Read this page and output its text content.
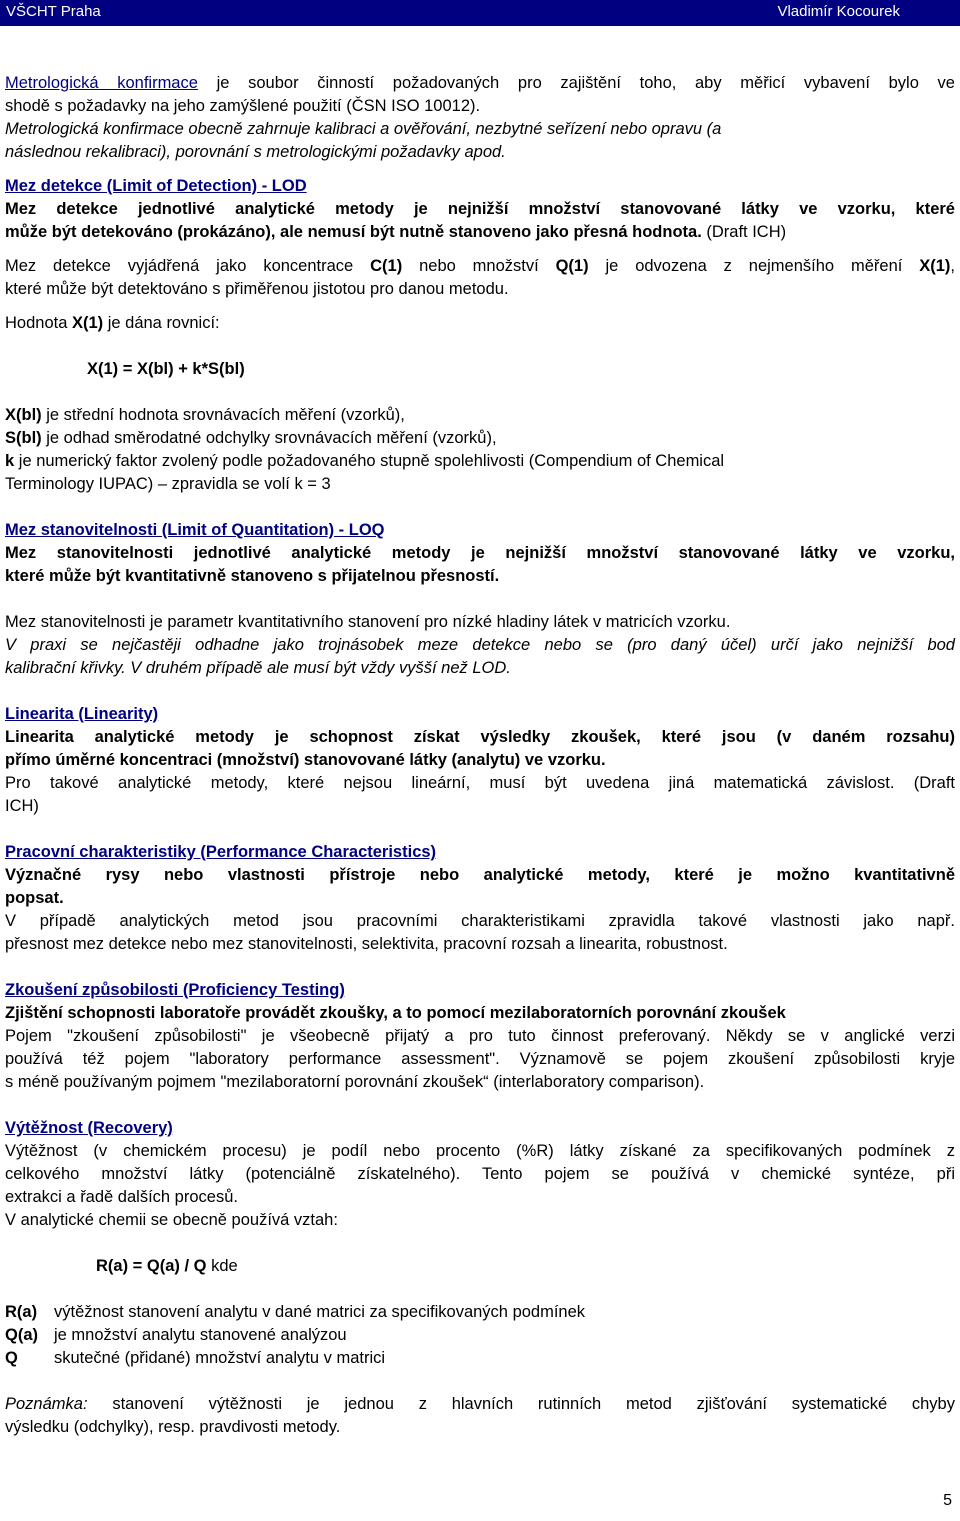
VŠCHT Praha	Vladimír Kocourek
Metrologická konfirmace je soubor činností požadovaných pro zajištění toho, aby měřicí vybavení bylo ve
shodě s požadavky na jeho zamýšlené použití (ČSN ISO 10012).
Metrologická konfirmace obecně zahrnuje kalibraci a ověřování, nezbytné seřízení nebo opravu (a
následnou rekalibraci), porovnání s metrologickými požadavky apod.
Mez detekce (Limit of Detection) - LOD
Mez detekce jednotlivé analytické metody je nejnižší množství stanovované látky ve vzorku, které
může být detekováno (prokázáno), ale nemusí být nutně stanoveno jako přesná hodnota. (Draft ICH)
Mez detekce vyjádřená jako koncentrace C(1) nebo množství Q(1) je odvozena z nejmenšího měření X(1),
které může být detektováno s přiměřenou jistotou pro danou metodu.
Hodnota X(1) je dána rovnicí:
X(1) = X(bl) + k*S(bl)
X(bl) je střední hodnota srovnávacích měření (vzorků),
S(bl) je odhad směrodatné odchylky srovnávacích měření (vzorků),
k je numerický faktor zvolený podle požadovaného stupně spolehlivosti (Compendium of Chemical
Terminology IUPAC) – zpravidla se volí k = 3
Mez stanovitelnosti (Limit of Quantitation) - LOQ
Mez stanovitelnosti jednotlivé analytické metody je nejnižší množství stanovované látky ve vzorku,
které může být kvantitativně stanoveno s přijatelnou přesností.
Mez stanovitelnosti je parametr kvantitativního stanovení pro nízké hladiny látek v matricích vzorku.
V praxi se nejčastěji odhadne jako trojnásobek meze detekce nebo se (pro daný účel) určí jako nejnižší bod
kalibrační křivky. V druhém případě ale musí být vždy vyšší než LOD.
Linearita (Linearity)
Linearita analytické metody je schopnost získat výsledky zkoušek, které jsou (v daném rozsahu)
přímo úměrné koncentraci (množství) stanovované látky (analytu) ve vzorku.
Pro takové analytické metody, které nejsou lineární, musí být uvedena jiná matematická závislost. (Draft
ICH)
Pracovní charakteristiky (Performance Characteristics)
Význačné rysy nebo vlastnosti přístroje nebo analytické metody, které je možno kvantitativně
popsat.
V případě analytických metod jsou pracovními charakteristikami zpravidla takové vlastnosti jako např.
přesnost mez detekce nebo mez stanovitelnosti, selektivita, pracovní rozsah a linearita, robustnost.
Zkoušení způsobilosti (Proficiency Testing)
Zjištění schopnosti laboratoře provádět zkoušky, a to pomocí mezilaboratorních porovnání zkoušek
Pojem "zkoušení způsobilosti" je všeobecně přijatý a pro tuto činnost preferovaný. Někdy se v anglické verzi
používá též pojem "laboratory performance assessment". Významově se pojem zkoušení způsobilosti kryje
s méně používaným pojmem "mezilaboratorní porovnání zkoušek“ (interlaboratory comparison).
Výtěžnost (Recovery)
Výtěžnost (v chemickém procesu) je podíl nebo procento (%R) látky získané za specifikovaných podmínek z
celkového množství látky (potenciálně získatelného). Tento pojem se používá v chemické syntéze, při
extrakci a řadě dalších procesů.
V analytické chemii se obecně používá vztah:
R(a) = Q(a) / Q kde
R(a) výtěžnost stanovení analytu v dané matrici za specifikovaných podmínek
Q(a) je množství analytu stanovené analýzou
Q skutečné (přidané) množství analytu v matrici
Poznámka: stanovení výtěžnosti je jednou z hlavních rutinních metod zjišťování systematické chyby
výsledku (odchylky), resp. pravdivosti metody.
5
